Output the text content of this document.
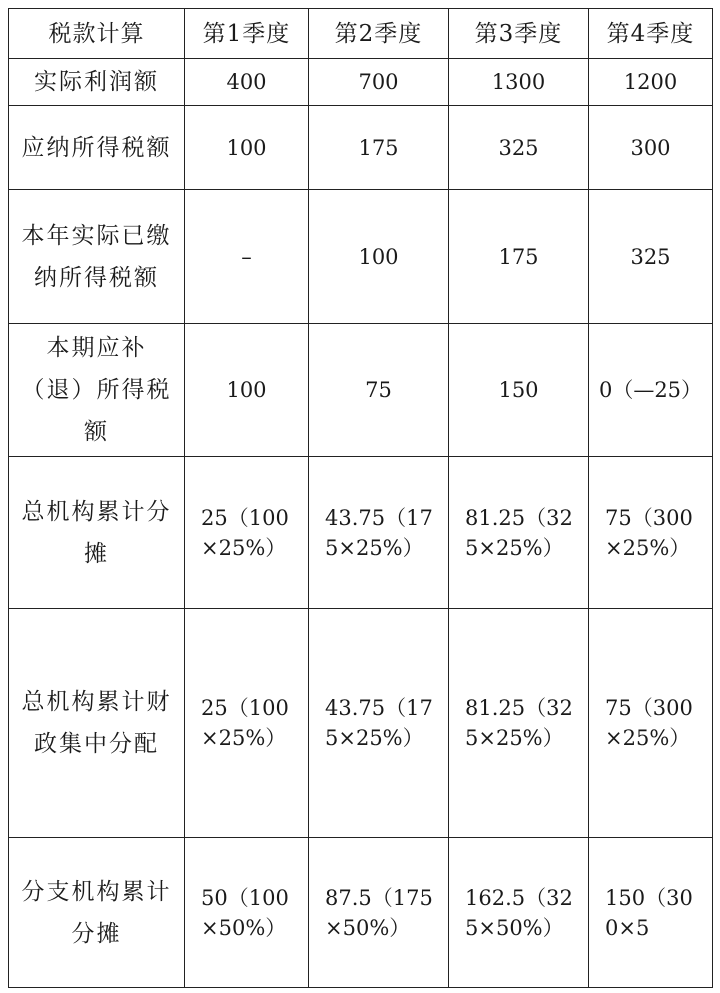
税款计算	第1季度	第2季度	第3季度	第4季度
实际利润额	400	700	1300	1200
应纳所得税额	100	175	325	300
本年实际已缴纳所得税额	–	100	175	325
本期应补（退）所得税额	100	75	150	0（—25）
总机构累计分摊	25（100×25%）	43.75（175×25%）	81.25（325×25%）	75（300×25%）
总机构累计财政集中分配	25（100×25%）	43.75（175×25%）	81.25（325×25%）	75（300×25%）
分支机构累计分摊	50（100×50%）	87.5（175×50%）	162.5（325×50%）	150（300×5
